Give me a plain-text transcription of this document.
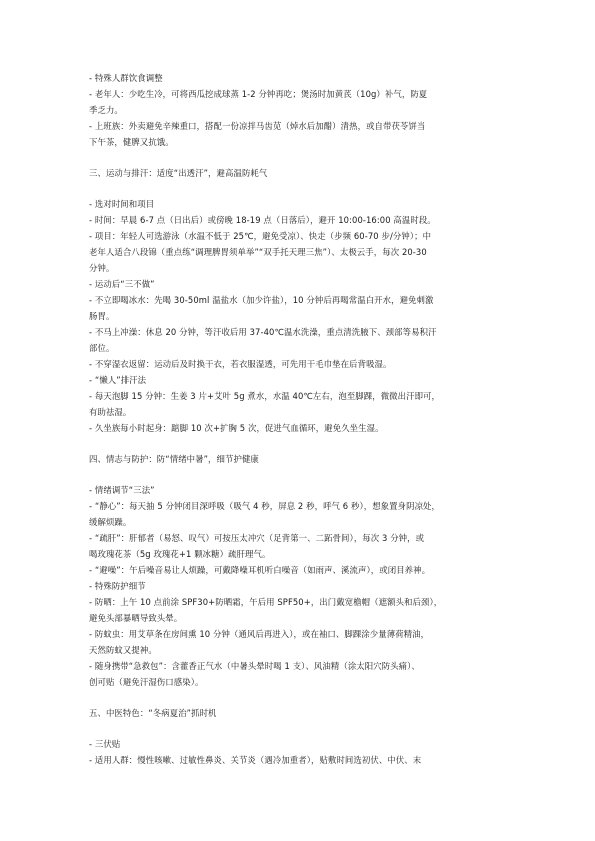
- 特殊人群饮食调整
- 老年人：少吃生冷，可将西瓜挖成球蒸 1-2 分钟再吃；煲汤时加黄芪（10g）补气，防夏
季乏力。
- 上班族：外卖避免辛辣重口，搭配一份凉拌马齿苋（焯水后加醋）清热，或自带茯苓饼当
下午茶，健脾又抗饿。
三、运动与排汗：适度“出透汗”，避高温防耗气
- 选对时间和项目
- 时间：早晨 6-7 点（日出后）或傍晚 18-19 点（日落后），避开 10:00-16:00 高温时段。
- 项目：年轻人可选游泳（水温不低于 25℃，避免受凉）、快走（步频 60-70 步/分钟）；中
老年人适合八段锦（重点练“调理脾胃须单举”“双手托天理三焦”）、太极云手，每次 20-30
分钟。
- 运动后“三不做”
- 不立即喝冰水：先喝 30-50ml 温盐水（加少许盐），10 分钟后再喝常温白开水，避免刺激
肠胃。
- 不马上冲澡：休息 20 分钟，等汗收后用 37-40℃温水洗澡，重点清洗腋下、颈部等易积汗
部位。
- 不穿湿衣返留：运动后及时换干衣，若衣服湿透，可先用干毛巾垫在后背吸湿。
- “懒人”排汗法
- 每天泡脚 15 分钟：生姜 3 片+艾叶 5g 煮水，水温 40℃左右，泡至脚踝，微微出汗即可，
有助祛湿。
- 久坐族每小时起身：踮脚 10 次+扩胸 5 次，促进气血循环，避免久坐生湿。
四、情志与防护：防“情绪中暑”，细节护健康
- 情绪调节“三法”
- “静心”：每天抽 5 分钟闭目深呼吸（吸气 4 秒，屏息 2 秒，呼气 6 秒），想象置身阴凉处，
缓解烦躁。
- “疏肝”：肝郁者（易怒、叹气）可按压太冲穴（足背第一、二跖骨间），每次 3 分钟，或
喝玫瑰花茶（5g 玫瑰花+1 颗冰糖）疏肝理气。
- “避噪”：午后噪音易让人烦躁，可戴降噪耳机听白噪音（如雨声、溪流声），或闭目养神。
- 特殊防护细节
- 防晒：上午 10 点前涂 SPF30+防晒霜，午后用 SPF50+，出门戴宽檐帽（遮额头和后颈），
避免头部暴晒导致头晕。
- 防蚊虫：用艾草条在房间熏 10 分钟（通风后再进入），或在袖口、脚踝涂少量薄荷精油，
天然防蚊又提神。
- 随身携带“急救包”：含藿香正气水（中暑头晕时喝 1 支）、风油精（涂太阳穴防头痛）、
创可贴（避免汗湿伤口感染）。
五、中医特色：“冬病夏治”抓时机
- 三伏贴
- 适用人群：慢性咳嗽、过敏性鼻炎、关节炎（遇冷加重者），贴敷时间选初伏、中伏、末
